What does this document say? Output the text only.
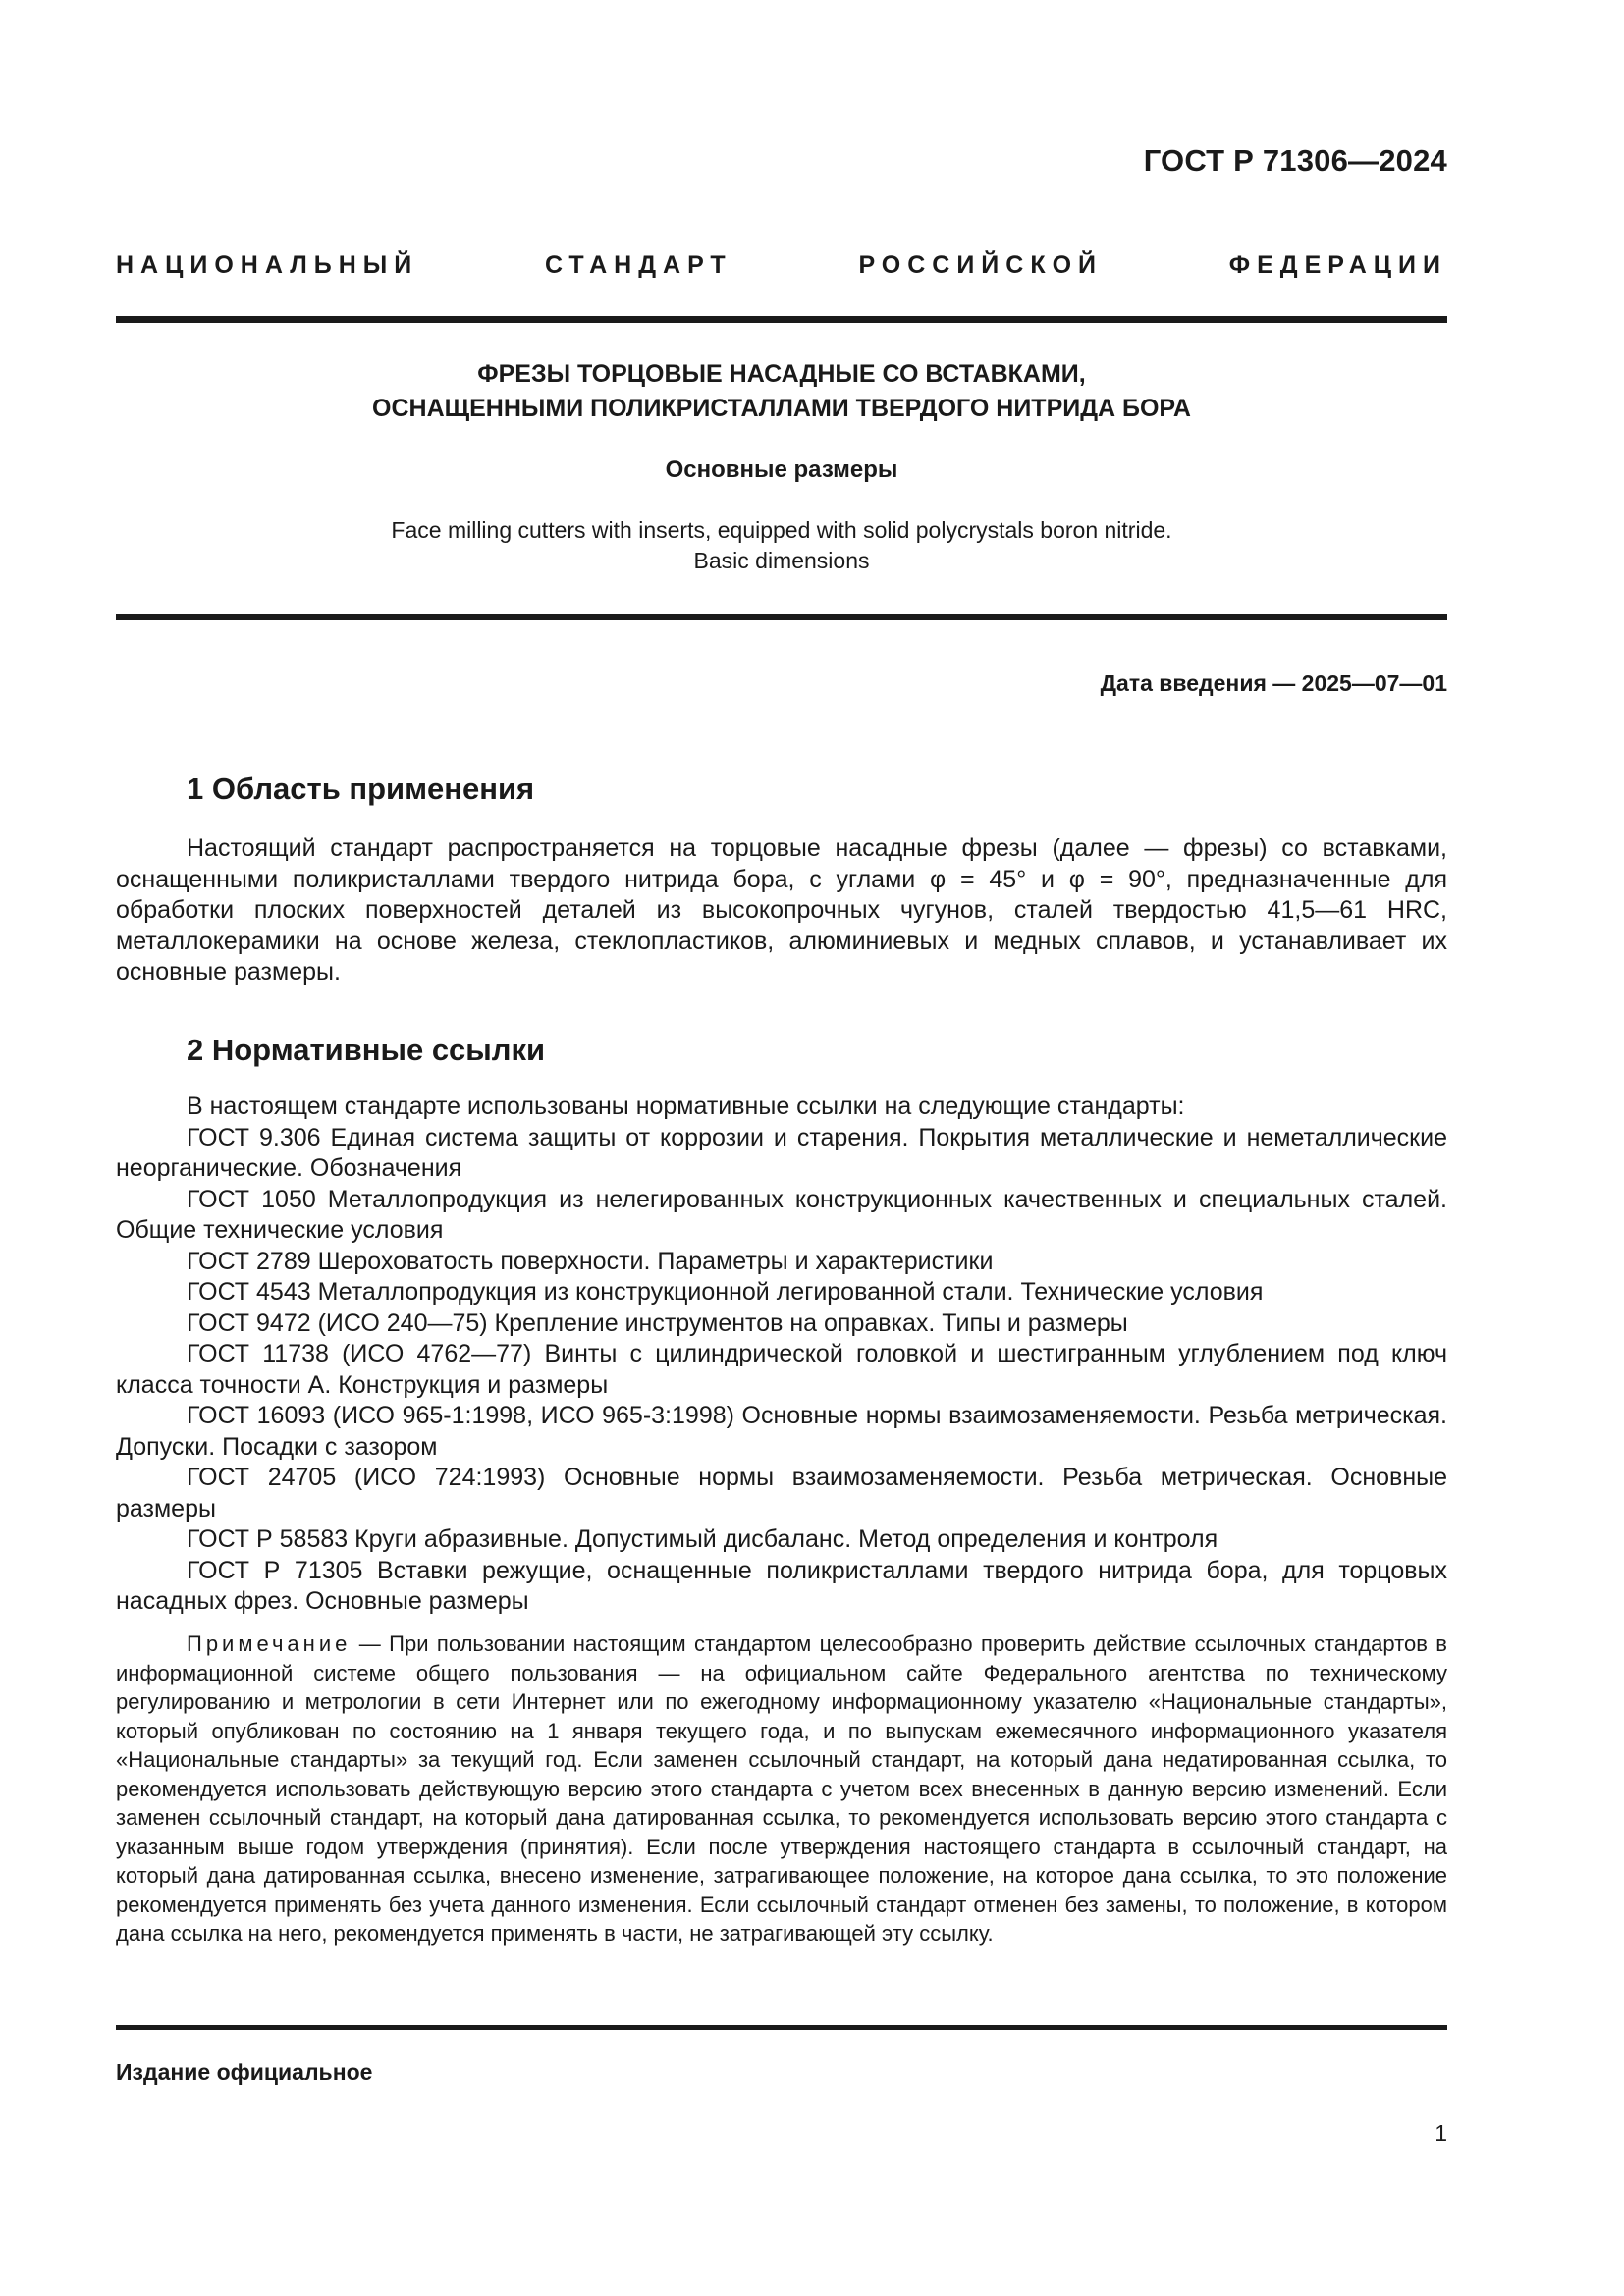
ГОСТ Р 71306—2024
НАЦИОНАЛЬНЫЙ СТАНДАРТ РОССИЙСКОЙ ФЕДЕРАЦИИ
ФРЕЗЫ ТОРЦОВЫЕ НАСАДНЫЕ СО ВСТАВКАМИ,
ОСНАЩЕННЫМИ ПОЛИКРИСТАЛЛАМИ ТВЕРДОГО НИТРИДА БОРА
Основные размеры
Face milling cutters with inserts, equipped with solid polycrystals boron nitride.
Basic dimensions
Дата введения — 2025—07—01
1 Область применения

Настоящий стандарт распространяется на торцовые насадные фрезы (далее — фрезы) со вставками, оснащенными поликристаллами твердого нитрида бора, с углами φ = 45° и φ = 90°, предназначенные для обработки плоских поверхностей деталей из высокопрочных чугунов, сталей твердостью 41,5—61 HRC, металлокерамики на основе железа, стеклопластиков, алюминиевых и медных сплавов, и устанавливает их основные размеры.

2 Нормативные ссылки

В настоящем стандарте использованы нормативные ссылки на следующие стандарты:

ГОСТ 9.306 Единая система защиты от коррозии и старения. Покрытия металлические и неметаллические неорганические. Обозначения

ГОСТ 1050 Металлопродукция из нелегированных конструкционных качественных и специальных сталей. Общие технические условия

ГОСТ 2789 Шероховатость поверхности. Параметры и характеристики

ГОСТ 4543 Металлопродукция из конструкционной легированной стали. Технические условия

ГОСТ 9472 (ИСО 240—75) Крепление инструментов на оправках. Типы и размеры

ГОСТ 11738 (ИСО 4762—77) Винты с цилиндрической головкой и шестигранным углублением под ключ класса точности А. Конструкция и размеры

ГОСТ 16093 (ИСО 965-1:1998, ИСО 965-3:1998) Основные нормы взаимозаменяемости. Резьба метрическая. Допуски. Посадки с зазором

ГОСТ 24705 (ИСО 724:1993) Основные нормы взаимозаменяемости. Резьба метрическая. Основные размеры

ГОСТ Р 58583 Круги абразивные. Допустимый дисбаланс. Метод определения и контроля

ГОСТ Р 71305 Вставки режущие, оснащенные поликристаллами твердого нитрида бора, для торцовых насадных фрез. Основные размеры

Примечание — При пользовании настоящим стандартом целесообразно проверить действие ссылочных стандартов в информационной системе общего пользования — на официальном сайте Федерального агентства по техническому регулированию и метрологии в сети Интернет или по ежегодному информационному указателю «Национальные стандарты», который опубликован по состоянию на 1 января текущего года, и по выпускам ежемесячного информационного указателя «Национальные стандарты» за текущий год. Если заменен ссылочный стандарт, на который дана недатированная ссылка, то рекомендуется использовать действующую версию этого стандарта с учетом всех внесенных в данную версию изменений. Если заменен ссылочный стандарт, на который дана датированная ссылка, то рекомендуется использовать версию этого стандарта с указанным выше годом утверждения (принятия). Если после утверждения настоящего стандарта в ссылочный стандарт, на который дана датированная ссылка, внесено изменение, затрагивающее положение, на которое дана ссылка, то это положение рекомендуется применять без учета данного изменения. Если ссылочный стандарт отменен без замены, то положение, в котором дана ссылка на него, рекомендуется применять в части, не затрагивающей эту ссылку.

Издание официальное
1
